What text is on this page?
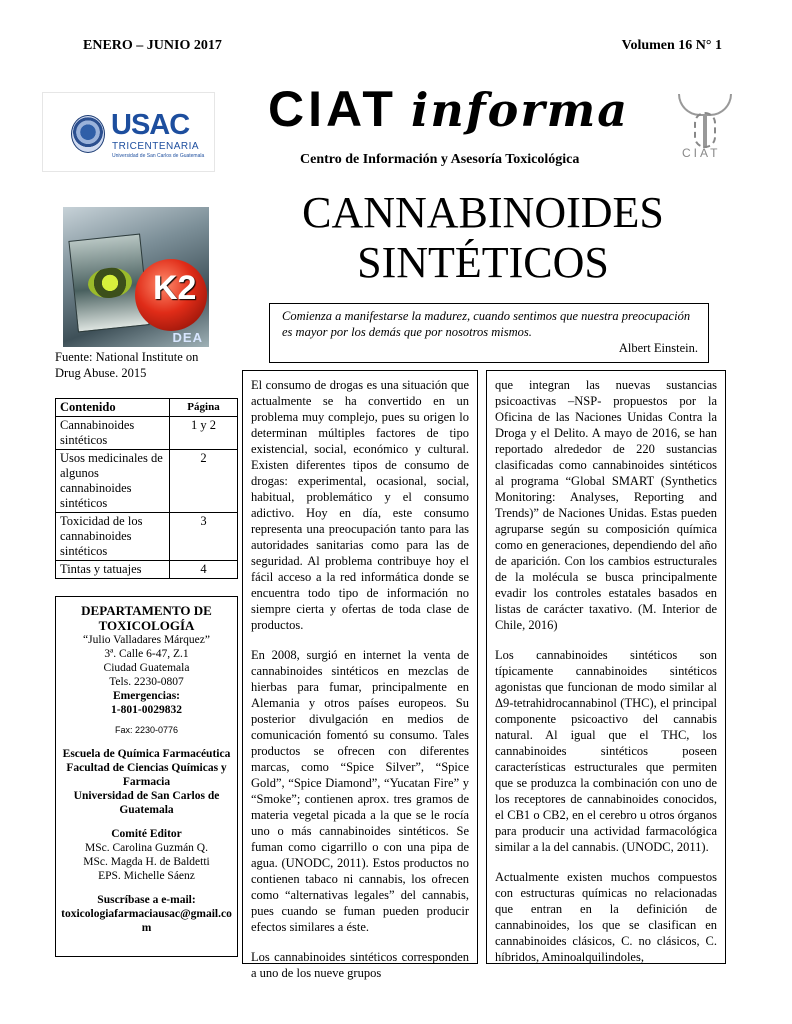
ENERO – JUNIO 2017	Volumen 16 N° 1
USAC
TRICENTENARIA
Universidad de San Carlos de Guatemala
CIAT informa
Centro de Información y Asesoría Toxicológica	CIAT
K2
DEA
Fuente: National Institute on Drug Abuse. 2015
CANNABINOIDES
SINTÉTICOS
Comienza a manifestarse la madurez, cuando sentimos que nuestra preocupación es mayor por los demás que por nosotros mismos.
Albert Einstein.
Contenido	Página
Cannabinoides sintéticos	1 y 2
Usos medicinales de algunos cannabinoides sintéticos	2
Toxicidad de los cannabinoides sintéticos	3
Tintas y tatuajes	4
DEPARTAMENTO DE TOXICOLOGÍA
“Julio Valladares Márquez”
3ª. Calle 6-47, Z.1
Ciudad Guatemala
Tels. 2230-0807
Emergencias:
1-801-0029832
Fax: 2230-0776
Escuela de Química Farmacéutica
Facultad de Ciencias Químicas y Farmacia
Universidad de San Carlos de Guatemala
Comité Editor
MSc. Carolina Guzmán Q.
MSc. Magda H. de Baldetti
EPS. Michelle Sáenz
Suscríbase a e-mail:
toxicologiafarmaciausac@gmail.com

El consumo de drogas es una situación que actualmente se ha convertido en un problema muy complejo, pues su origen lo determinan múltiples factores de tipo existencial, social, económico y cultural. Existen diferentes tipos de consumo de drogas: experimental, ocasional, social, habitual, problemático y el consumo adictivo. Hoy en día, este consumo representa una preocupación tanto para las autoridades sanitarias como para las de seguridad. Al problema contribuye hoy el fácil acceso a la red informática donde se encuentra todo tipo de información no siempre cierta y ofertas de toda clase de productos.

En 2008, surgió en internet la venta de cannabinoides sintéticos en mezclas de hierbas para fumar, principalmente en Alemania y otros países europeos. Su posterior divulgación en medios de comunicación fomentó su consumo. Tales productos se ofrecen con diferentes marcas, como “Spice Silver”, “Spice Gold”, “Spice Diamond”, “Yucatan Fire” y “Smoke”; contienen aprox. tres gramos de materia vegetal picada a la que se le rocía uno o más cannabinoides sintéticos. Se fuman como cigarrillo o con una pipa de agua. (UNODC, 2011). Estos productos no contienen tabaco ni cannabis, los ofrecen como “alternativas legales” del cannabis, pues cuando se fuman pueden producir efectos similares a éste.

Los cannabinoides sintéticos corresponden a uno de los nueve grupos

que integran las nuevas sustancias psicoactivas –NSP- propuestos por la Oficina de las Naciones Unidas Contra la Droga y el Delito. A mayo de 2016, se han reportado alrededor de 220 sustancias clasificadas como cannabinoides sintéticos al programa “Global SMART (Synthetics Monitoring: Analyses, Reporting and Trends)” de Naciones Unidas. Estas pueden agruparse según su composición química como en generaciones, dependiendo del año de aparición. Con los cambios estructurales de la molécula se busca principalmente evadir los controles estatales basados en listas de carácter taxativo. (M. Interior de Chile, 2016)

Los cannabinoides sintéticos son típicamente cannabinoides sintéticos agonistas que funcionan de modo similar al Δ9-tetrahidrocannabinol (THC), el principal componente psicoactivo del cannabis natural. Al igual que el THC, los cannabinoides sintéticos poseen características estructurales que permiten que se produzca la combinación con uno de los receptores de cannabinoides conocidos, el CB1 o CB2, en el cerebro u otros órganos para producir una actividad farmacológica similar a la del cannabis. (UNODC, 2011).

Actualmente existen muchos compuestos con estructuras químicas no relacionadas que entran en la definición de cannabinoides, los que se clasifican en cannabinoides clásicos, C. no clásicos, C. híbridos, Aminoalquilindoles,
